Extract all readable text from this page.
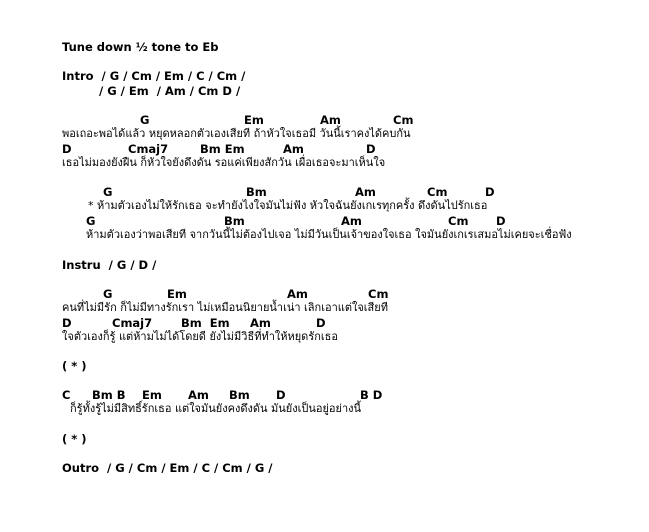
Tune down ½ tone to Eb
Intro  / G / Cm / Em / C / Cm /
/ G / Em  / Am / Cm D /

G

	Em

	Am

	Cm

พอเถอะพอได้แล้ว หยุดหลอกตัวเองเสียที ถ้าหัวใจเธอมี วันนี้เราคงได้คบกัน

D

	Cmaj7

	Bm Em

	Am

	D

เธอไม่มองยังฝืน ก็หัวใจยังดึงดัน รอแค่เพียงสักวัน เผื่อเธอจะมาเห็นใจ

G

	Bm

	Am

	Cm

	D

* ห้ามตัวเองไม่ให้รักเธอ จะทำยังไงใจมันไม่ฟัง หัวใจฉันยังเกเรทุกครั้ง ดึงดันไปรักเธอ

G

	Bm

	Am

	Cm

D

ห้ามตัวเองว่าพอเสียที จากวันนี้ไม่ต้องไปเจอ ไม่มีวันเป็นเจ้าของใจเธอ ใจมันยังเกเรเสมอไม่เคยจะเชื่อฟัง
Instru  / G / D /

G

	Em

	Am

	Cm

คนที่ไม่มีรัก ก็ไม่มีทางรักเรา ไม่เหมือนนิยายน้ำเน่า เลิกเอาแต่ใจเสียที

D

	Cmaj7

	Bm  Em

Am

	D

ใจตัวเองก็รู้ แต่ห้ามไม่ได้โดยดี ยังไม่มีวิธีที่ทำให้หยุดรักเธอ
( * )

C

Bm B

Em

Am

Bm

D

	B D

ก็รู้ทั้งรู้ไม่มีสิทธิ์รักเธอ แต่ใจมันยังคงดึงดัน มันยังเป็นอยู่อย่างนี้
( * )
Outro  / G / Cm / Em / C / Cm / G /
